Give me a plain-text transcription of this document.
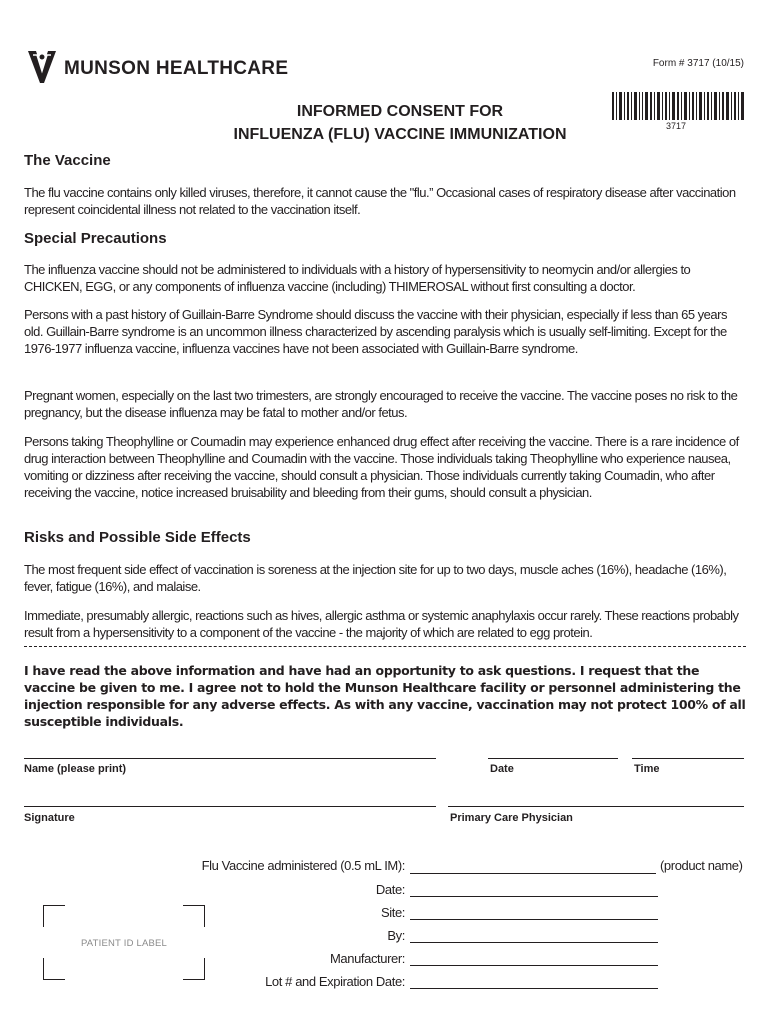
MUNSON HEALTHCARE	Form # 3717 (10/15)
INFORMED CONSENT FOR
INFLUENZA (FLU) VACCINE IMMUNIZATION	3717
The Vaccine
The flu vaccine contains only killed viruses, therefore, it cannot cause the "flu.” Occasional cases of respiratory disease after vaccination represent coincidental illness not related to the vaccination itself.
Special Precautions
The influenza vaccine should not be administered to individuals with a history of hypersensitivity to neomycin and/or allergies to CHICKEN, EGG, or any components of influenza vaccine (including) THIMEROSAL without first consulting a doctor.
Persons with a past history of Guillain-Barre Syndrome should discuss the vaccine with their physician, especially if less than 65 years old. Guillain-Barre syndrome is an uncommon illness characterized by ascending paralysis which is usually self-limiting. Except for the 1976-1977 influenza vaccine, influenza vaccines have not been associated with Guillain-Barre syndrome.
Pregnant women, especially on the last two trimesters, are strongly encouraged to receive the vaccine. The vaccine poses no risk to the pregnancy, but the disease influenza may be fatal to mother and/or fetus.
Persons taking Theophylline or Coumadin may experience enhanced drug effect after receiving the vaccine. There is a rare incidence of drug interaction between Theophylline and Coumadin with the vaccine. Those individuals taking Theophylline who experience nausea, vomiting or dizziness after receiving the vaccine, should consult a physician. Those individuals currently taking Coumadin, who after receiving the vaccine, notice increased bruisability and bleeding from their gums, should consult a physician.
Risks and Possible Side Effects
The most frequent side effect of vaccination is soreness at the injection site for up to two days, muscle aches (16%), headache (16%), fever, fatigue (16%), and malaise.
Immediate, presumably allergic, reactions such as hives, allergic asthma or systemic anaphylaxis occur rarely. These reactions probably result from a hypersensitivity to a component of the vaccine - the majority of which are related to egg protein.
I have read the above information and have had an opportunity to ask questions. I request that the vaccine be given to me. I agree not to hold the Munson Healthcare facility or personnel administering the injection responsible for any adverse effects. As with any vaccine, vaccination may not protect 100% of all susceptible individuals.
Name (please print)	Date	Time
Signature	Primary Care Physician
Flu Vaccine administered (0.5 mL IM):	(product name)
Date:
Site:
By:
Manufacturer:
Lot # and Expiration Date:
PATIENT ID LABEL
